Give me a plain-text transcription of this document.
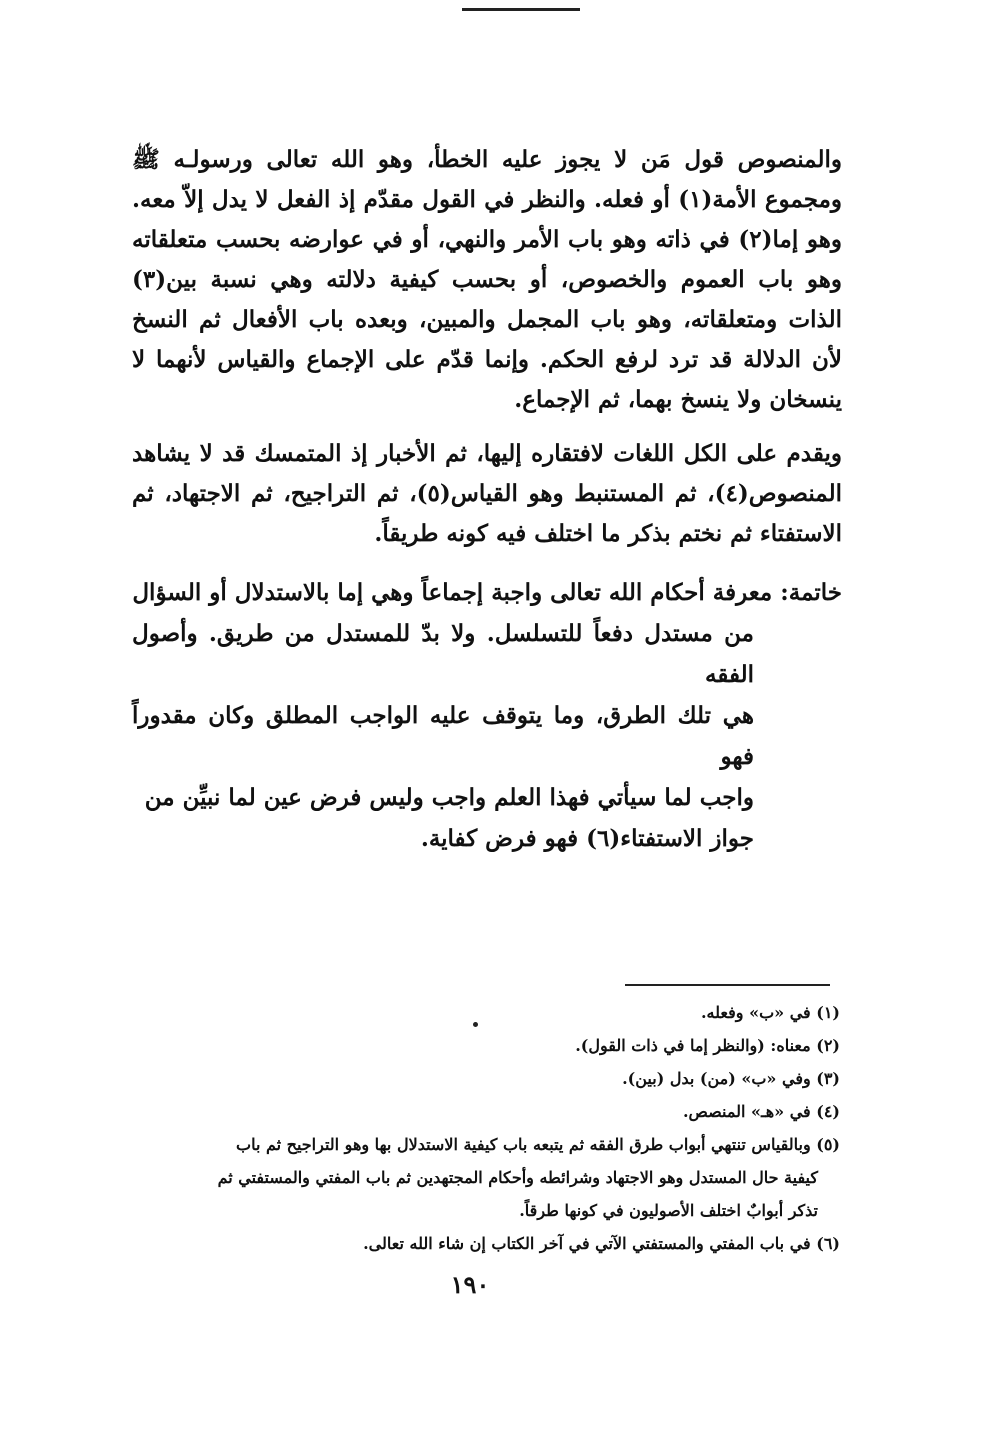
والمنصوص قول مَن لا يجوز عليه الخطأ، وهو الله تعالى ورسولـه ﷺ ومجموع الأمة(١) أو فعله. والنظر في القول مقدّم إذ الفعل لا يدل إلاّ معه. وهو إما(٢) في ذاته وهو باب الأمر والنهي، أو في عوارضه بحسب متعلقاته وهو باب العموم والخصوص، أو بحسب كيفية دلالته وهي نسبة بين(٣) الذات ومتعلقاته، وهو باب المجمل والمبين، وبعده باب الأفعال ثم النسخ لأن الدلالة قد ترد لرفع الحكم. وإنما قدّم على الإجماع والقياس لأنهما لا ينسخان ولا ينسخ بهما، ثم الإجماع.

ويقدم على الكل اللغات لافتقاره إليها، ثم الأخبار إذ المتمسك قد لا يشاهد المنصوص(٤)، ثم المستنبط وهو القياس(٥)، ثم التراجيح، ثم الاجتهاد، ثم الاستفتاء ثم نختم بذكر ما اختلف فيه كونه طريقاً.

خاتمة: معرفة أحكام الله تعالى واجبة إجماعاً وهي إما بالاستدلال أو السؤال
من مستدل دفعاً للتسلسل. ولا بدّ للمستدل من طريق. وأصول الفقه
هي تلك الطرق، وما يتوقف عليه الواجب المطلق وكان مقدوراً فهو
واجب لما سيأتي فهذا العلم واجب وليس فرض عين لما نبيِّن من
جواز الاستفتاء(٦) فهو فرض كفاية.
(١) في «ب» وفعله.
(٢) معناه: (والنظر إما في ذات القول).
(٣) وفي «ب» (من) بدل (بين).
(٤) في «هـ» المنصص.
(٥) وبالقياس تنتهي أبواب طرق الفقه ثم يتبعه باب كيفية الاستدلال بها وهو التراجيح ثم باب
كيفية حال المستدل وهو الاجتهاد وشرائطه وأحكام المجتهدين ثم باب المفتي والمستفتي ثم
تذكر أبوابٌ اختلف الأصوليون في كونها طرقاً.
(٦) في باب المفتي والمستفتي الآتي في آخر الكتاب إن شاء الله تعالى.
١٩٠
